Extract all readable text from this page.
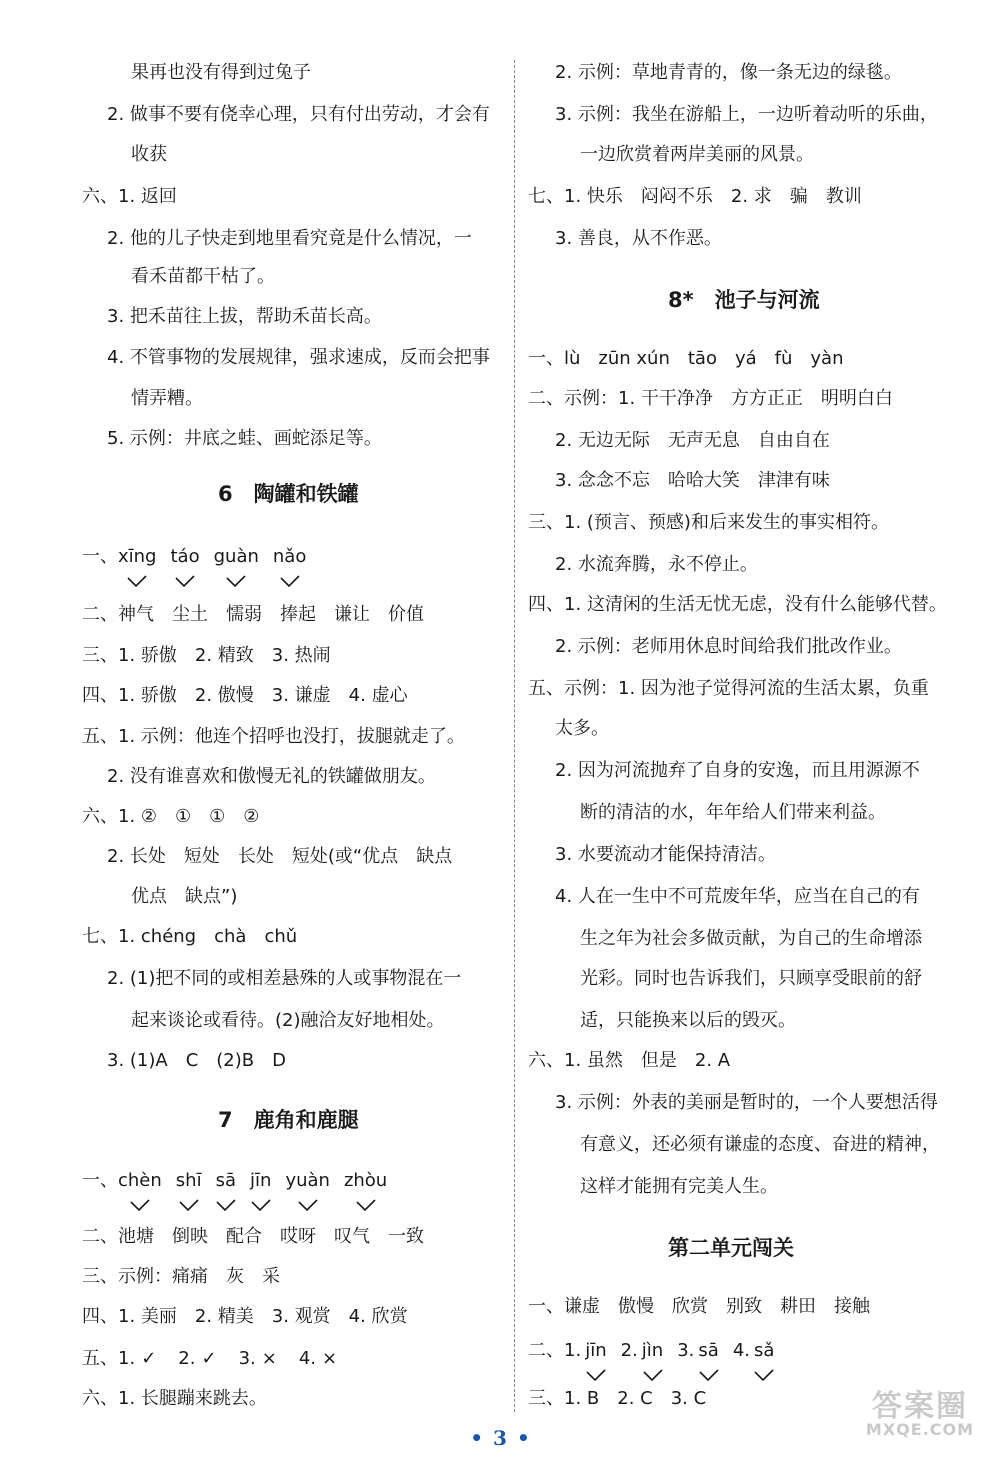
果再也没有得到过兔子
2. 做事不要有侥幸心理，只有付出劳动，才会有
收获
六、1. 返回
2. 他的儿子快走到地里看究竟是什么情况，一
看禾苗都干枯了。
3. 把禾苗往上拔，帮助禾苗长高。
4. 不管事物的发展规律，强求速成，反而会把事
情弄糟。
5. 示例：井底之蛙、画蛇添足等。
6　陶罐和铁罐
一、xīng táo guàn nǎo
二、神气　尘土　懦弱　捧起　谦让　价值
三、1. 骄傲　2. 精致　3. 热闹
四、1. 骄傲　2. 傲慢　3. 谦虚　4. 虚心
五、1. 示例：他连个招呼也没打，拔腿就走了。
2. 没有谁喜欢和傲慢无礼的铁罐做朋友。
六、1. ②　①　①　②
2. 长处　短处　长处　短处(或“优点　缺点
优点　缺点”)
七、1. chéng　chà　chǔ
2. (1)把不同的或相差悬殊的人或事物混在一
起来谈论或看待。(2)融洽友好地相处。
3. (1)A　C　(2)B　D
7　鹿角和鹿腿
一、chèn shī sā jīn yuàn zhòu
二、池塘　倒映　配合　哎呀　叹气　一致
三、示例：痛痛　灰　采
四、1. 美丽　2. 精美　3. 观赏　4. 欣赏
五、1. ✓ 2. ✓ 3. × 4. ×
六、1. 长腿蹦来跳去。
2. 示例：草地青青的，像一条无边的绿毯。
3. 示例：我坐在游船上，一边听着动听的乐曲，
一边欣赏着两岸美丽的风景。
七、1. 快乐　闷闷不乐　2. 求　骗　教训
3. 善良，从不作恶。
8*　池子与河流
一、lù　zūn xún　tāo　yá　fù　yàn
二、示例：1. 干干净净　方方正正　明明白白
2. 无边无际　无声无息　自由自在
3. 念念不忘　哈哈大笑　津津有味
三、1. (预言、预感)和后来发生的事实相符。
2. 水流奔腾，永不停止。
四、1. 这清闲的生活无忧无虑，没有什么能够代替。
2. 示例：老师用休息时间给我们批改作业。
五、示例：1. 因为池子觉得河流的生活太累，负重
太多。
2. 因为河流抛弃了自身的安逸，而且用源源不
断的清洁的水，年年给人们带来利益。
3. 水要流动才能保持清洁。
4. 人在一生中不可荒废年华，应当在自己的有
生之年为社会多做贡献，为自己的生命增添
光彩。同时也告诉我们，只顾享受眼前的舒
适，只能换来以后的毁灭。
六、1. 虽然　但是　2. A
3. 示例：外表的美丽是暂时的，一个人要想活得
有意义，还必须有谦虚的态度、奋进的精神，
这样才能拥有完美人生。
第二单元闯关
一、谦虚　傲慢　欣赏　别致　耕田　接触
二、1. jīn 2. jìn 3. sā 4. sǎ
三、1. B　2. C　3. C
• 3 •
答案圈
MXQE.COM
